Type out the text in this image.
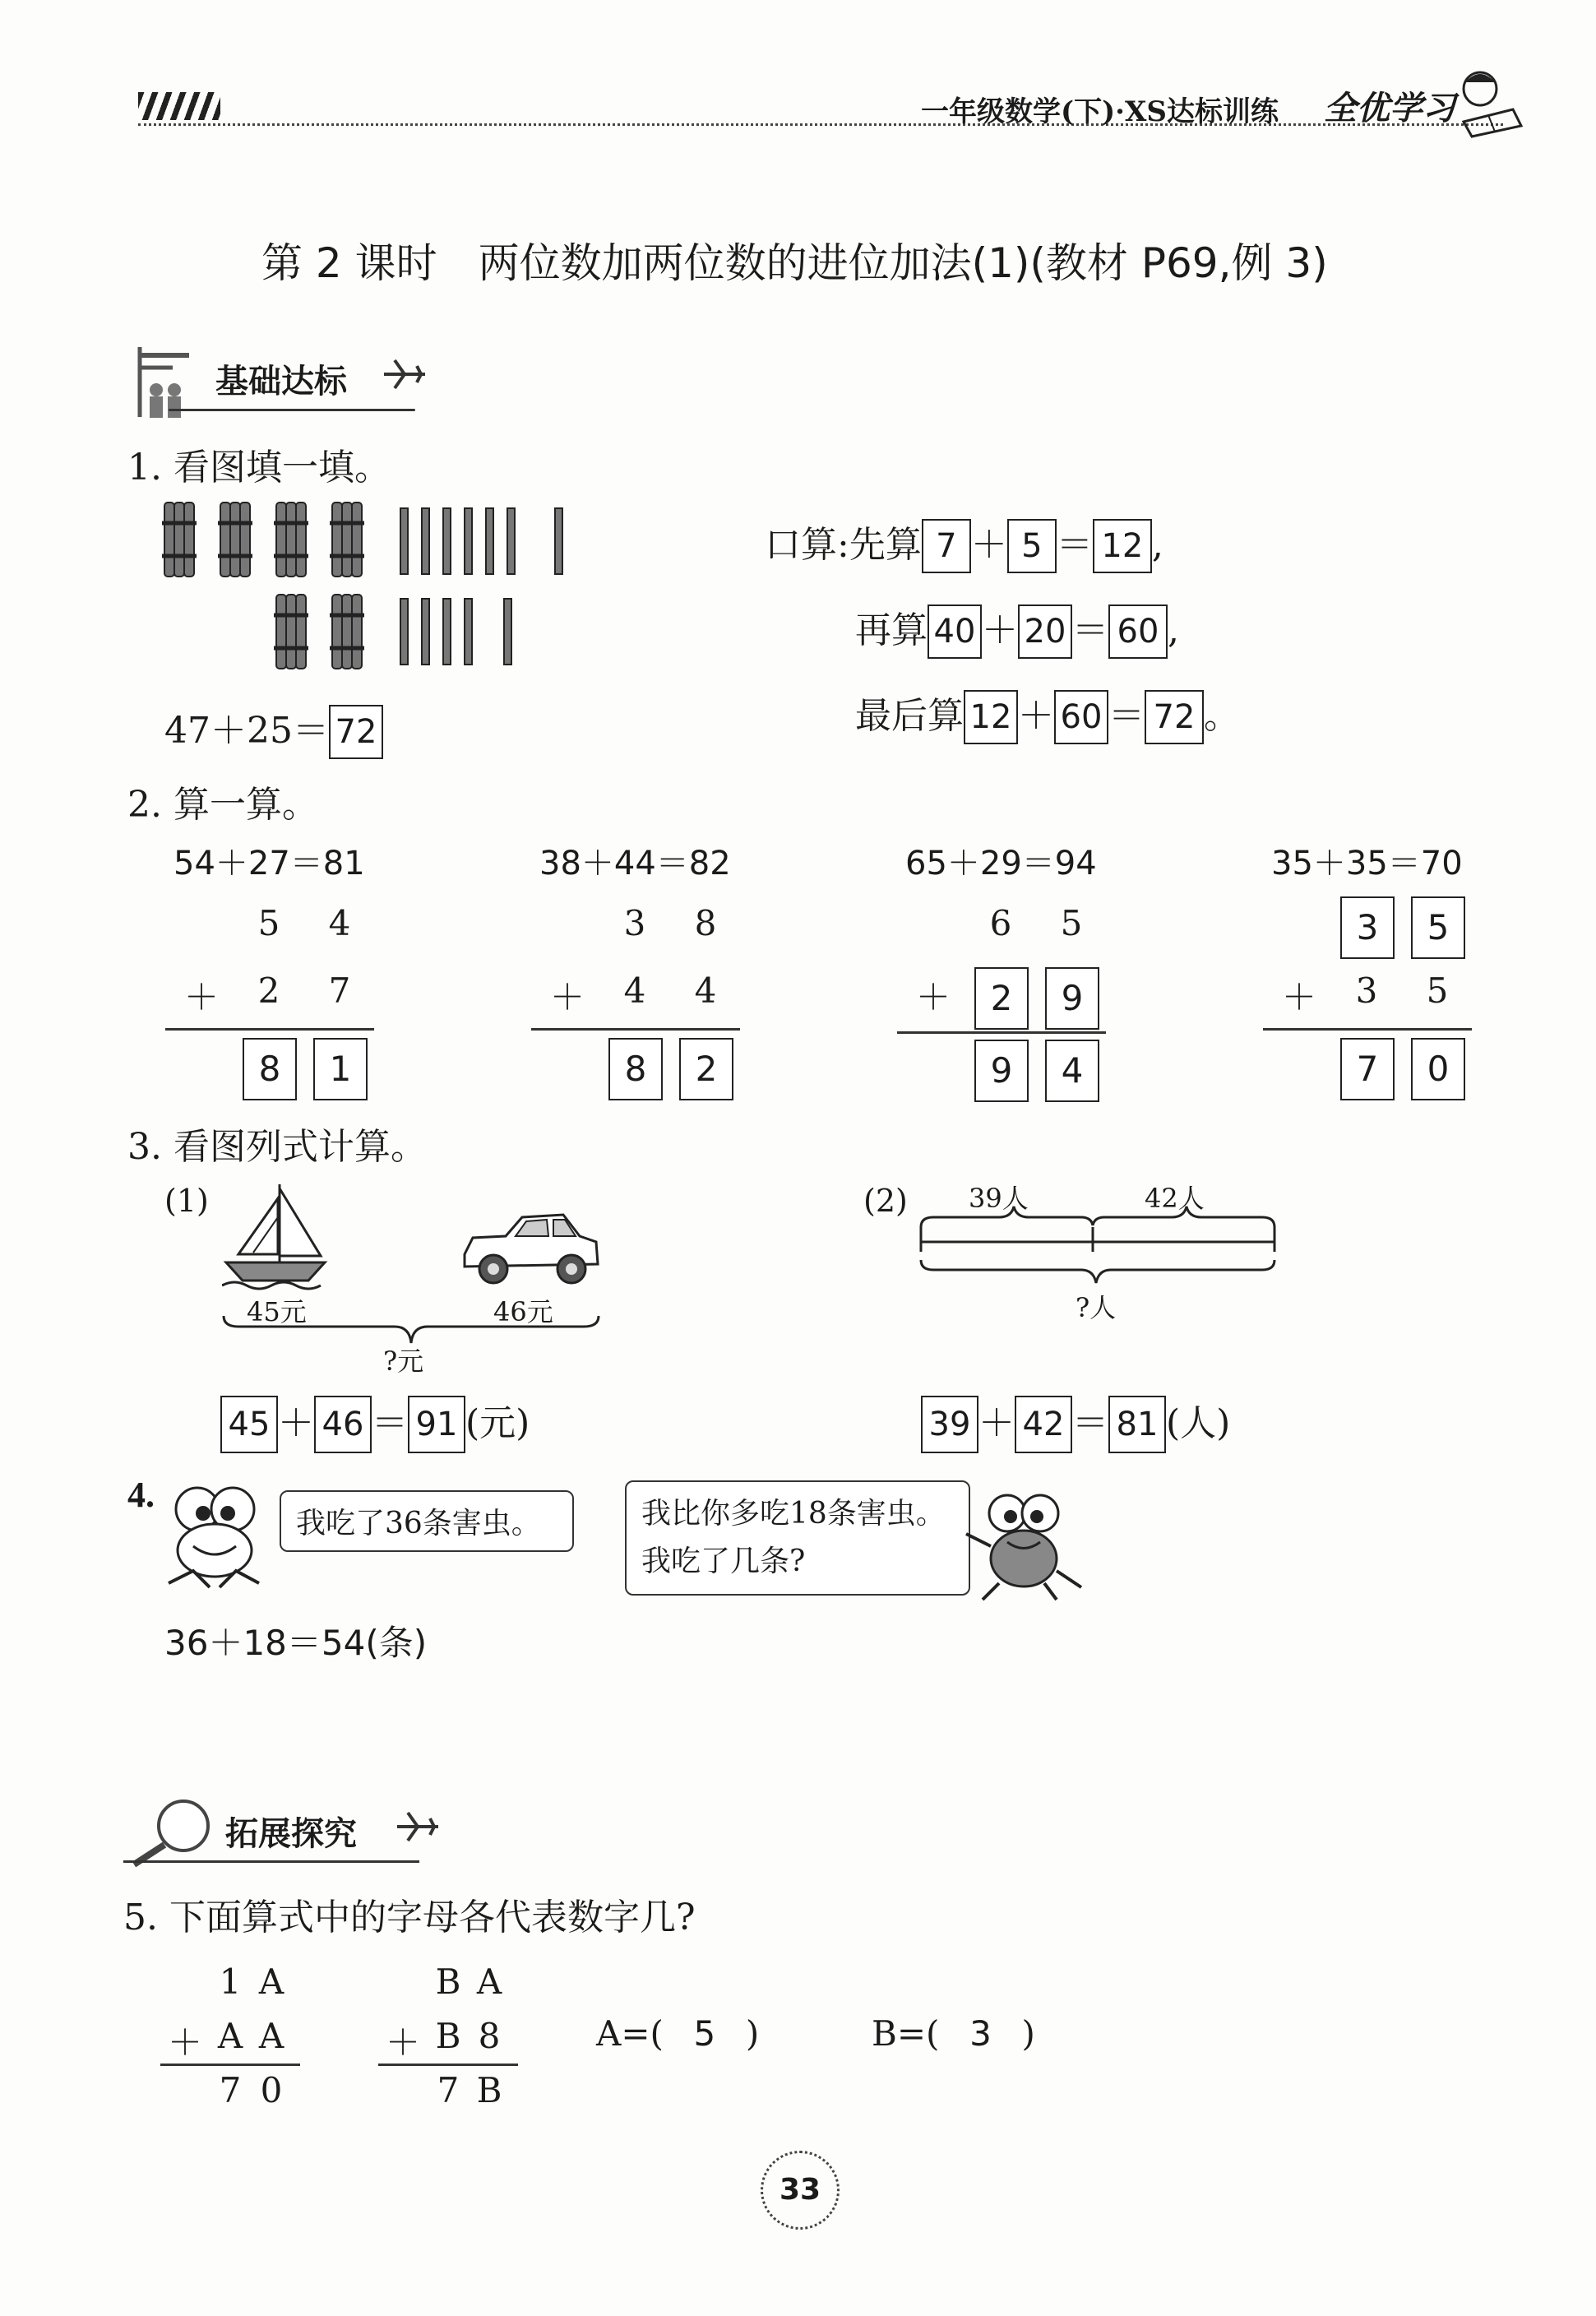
一年级数学(下)·XS达标训练 全优学习
第 2 课时　两位数加两位数的进位加法(1)(教材 P69,例 3)
基础达标
1. 看图填一填。
47＋25＝ 72
口算:先算 7 ＋ 5 ＝ 12 ,
再算 40 ＋ 20 ＝ 60 ,
最后算 12 ＋ 60 ＝ 72 。
2. 算一算。
54＋27＝81
5	4
＋	2	7
8	1
38＋44＝82
3	8
＋	4	4
8	2
65＋29＝94
6	5
＋	2	9
9	4
35＋35＝70
3	5
＋	3	5
7	0
3. 看图列式计算。
(1)
45元	46元
?元
45 ＋ 46 ＝ 91 (元)
(2) 39人	42人
?人
39 ＋ 42 ＝ 81 (人)
4.
我吃了36条害虫。	我比你多吃18条害虫。
我吃了几条?
36＋18＝54(条)
拓展探究
5. 下面算式中的字母各代表数字几?
1 A
＋ A A
7 0
B A
＋ B 8
7 B
A=( 5 )	B=( 3 )
33
